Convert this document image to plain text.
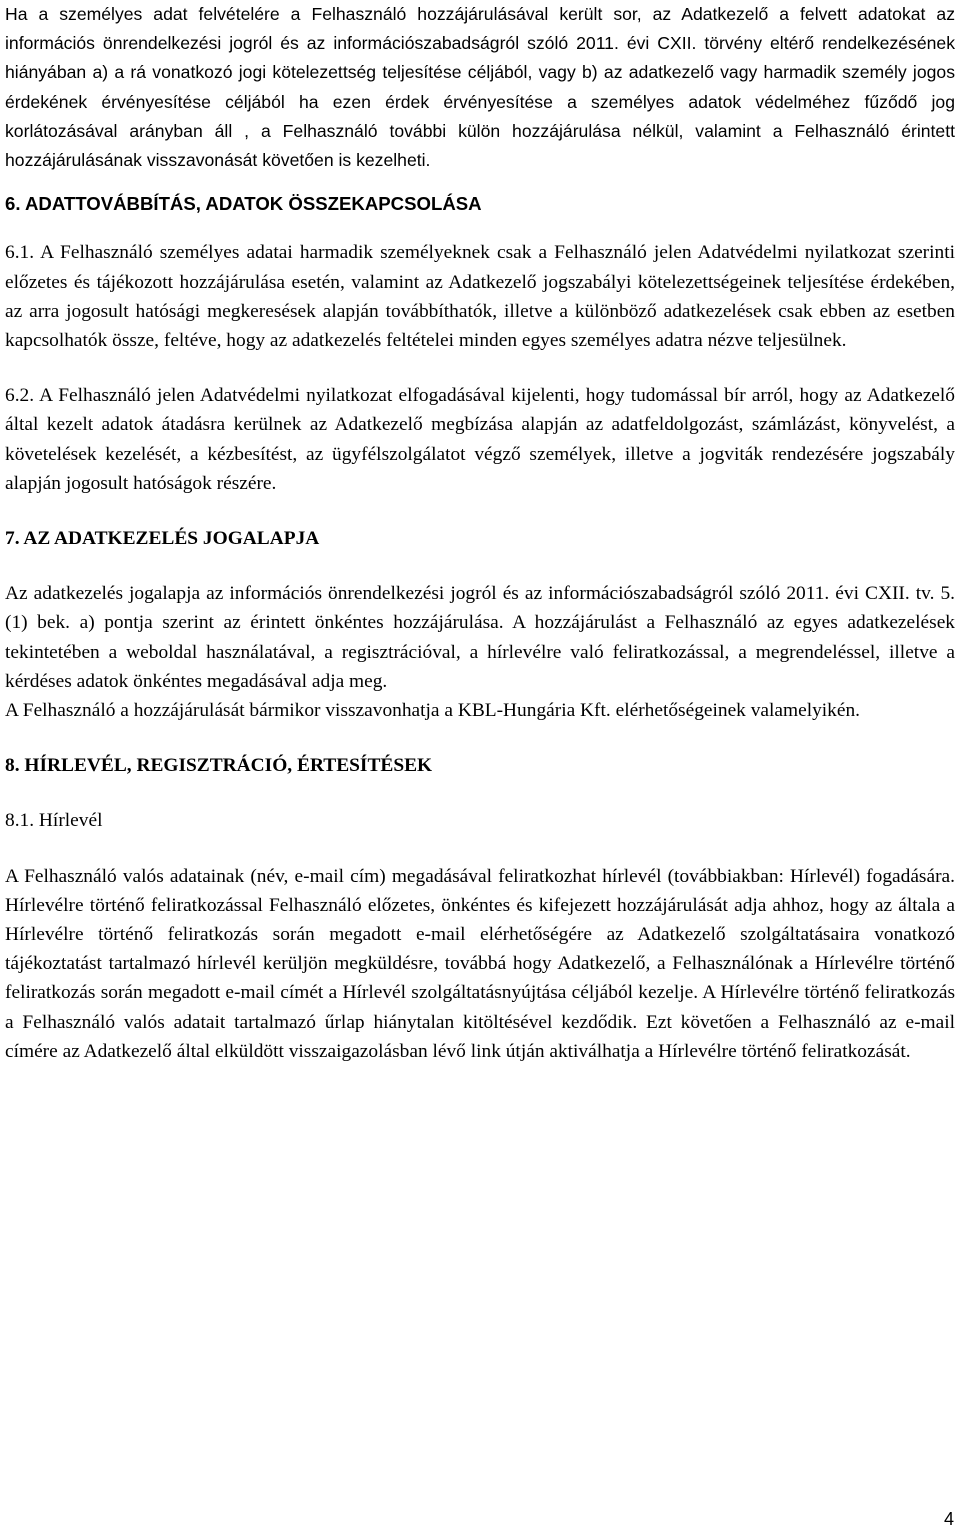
Ha a személyes adat felvételére a Felhasználó hozzájárulásával került sor, az Adatkezelő a felvett adatokat az információs önrendelkezési jogról és az információszabadságról szóló 2011. évi CXII. törvény eltérő rendelkezésének hiányában a) a rá vonatkozó jogi kötelezettség teljesítése céljából, vagy b) az adatkezelő vagy harmadik személy jogos érdekének érvényesítése céljából ha ezen érdek érvényesítése a személyes adatok védelméhez fűződő jog korlátozásával arányban áll , a Felhasználó további külön hozzájárulása nélkül, valamint a Felhasználó érintett hozzájárulásának visszavonását követően is kezelheti.

6. ADATTOVÁBBÍTÁS, ADATOK ÖSSZEKAPCSOLÁSA

6.1. A Felhasználó személyes adatai harmadik személyeknek csak a Felhasználó jelen Adatvédelmi nyilatkozat szerinti előzetes és tájékozott hozzájárulása esetén, valamint az Adatkezelő jogszabályi kötelezettségeinek teljesítése érdekében, az arra jogosult hatósági megkeresések alapján továbbíthatók, illetve a különböző adatkezelések csak ebben az esetben kapcsolhatók össze, feltéve, hogy az adatkezelés feltételei minden egyes személyes adatra nézve teljesülnek.

6.2. A Felhasználó jelen Adatvédelmi nyilatkozat elfogadásával kijelenti, hogy tudomással bír arról, hogy az Adatkezelő által kezelt adatok átadásra kerülnek az Adatkezelő megbízása alapján az adatfeldolgozást, számlázást, könyvelést, a követelések kezelését, a kézbesítést, az ügyfélszolgálatot végző személyek, illetve a jogviták rendezésére jogszabály alapján jogosult hatóságok részére.

7. AZ ADATKEZELÉS JOGALAPJA

Az adatkezelés jogalapja az információs önrendelkezési jogról és az információszabadságról szóló 2011. évi CXII. tv. 5. (1) bek. a) pontja szerint az érintett önkéntes hozzájárulása. A hozzájárulást a Felhasználó az egyes adatkezelések tekintetében a weboldal használatával, a regisztrációval, a hírlevélre való feliratkozással, a megrendeléssel, illetve a kérdéses adatok önkéntes megadásával adja meg.

A Felhasználó a hozzájárulását bármikor visszavonhatja a KBL-Hungária Kft. elérhetőségeinek valamelyikén.

8. HÍRLEVÉL, REGISZTRÁCIÓ, ÉRTESÍTÉSEK

8.1. Hírlevél

A Felhasználó valós adatainak (név, e-mail cím) megadásával feliratkozhat hírlevél (továbbiakban: Hírlevél) fogadására. Hírlevélre történő feliratkozással Felhasználó előzetes, önkéntes és kifejezett hozzájárulását adja ahhoz, hogy az általa a Hírlevélre történő feliratkozás során megadott e-mail elérhetőségére az Adatkezelő szolgáltatásaira vonatkozó tájékoztatást tartalmazó hírlevél kerüljön megküldésre, továbbá hogy Adatkezelő, a Felhasználónak a Hírlevélre történő feliratkozás során megadott e-mail címét a Hírlevél szolgáltatásnyújtása céljából kezelje. A Hírlevélre történő feliratkozás a Felhasználó valós adatait tartalmazó űrlap hiánytalan kitöltésével kezdődik. Ezt követően a Felhasználó az e-mail címére az Adatkezelő által elküldött visszaigazolásban lévő link útján aktiválhatja a Hírlevélre történő feliratkozását.

4
